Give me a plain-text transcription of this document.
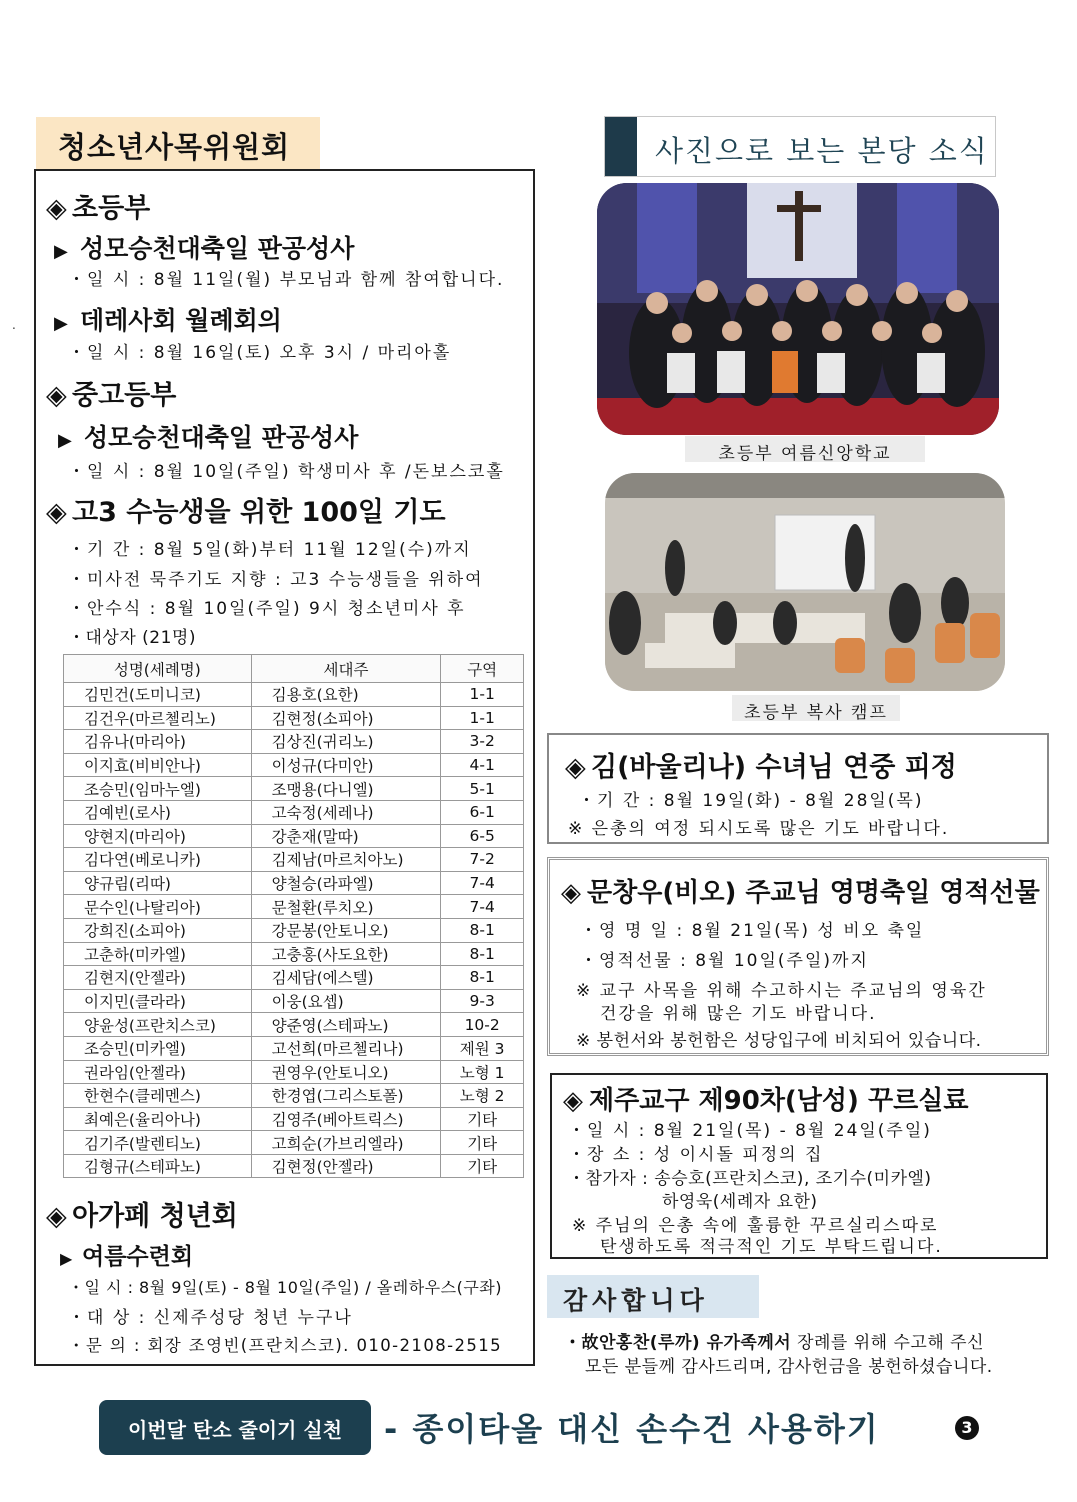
.
청소년사목위원회
◈ 초등부
▶ 성모승천대축일 판공성사
・일 시 : 8월 11일(월) 부모님과 함께 참여합니다.
▶ 데레사회 월례회의
・일 시 : 8월 16일(토) 오후 3시 / 마리아홀
◈ 중고등부
▶ 성모승천대축일 판공성사
・일 시 : 8월 10일(주일) 학생미사 후 /돈보스코홀
◈ 고3 수능생을 위한 100일 기도
・기 간 : 8월 5일(화)부터 11월 12일(수)까지
・미사전 묵주기도 지향 : 고3 수능생들을 위하여
・안수식 : 8월 10일(주일) 9시 청소년미사 후
・대상자 (21명)
성명(세례명)	세대주	구역
김민건(도미니코)	김용호(요한)	1-1
김건우(마르첼리노)	김현정(소피아)	1-1
김유나(마리아)	김상진(귀리노)	3-2
이지효(비비안나)	이성규(다미안)	4-1
조승민(임마누엘)	조맹용(다니엘)	5-1
김예빈(로사)	고숙정(세레나)	6-1
양현지(마리아)	강춘재(말따)	6-5
김다연(베로니카)	김제남(마르치아노)	7-2
양규림(리따)	양철승(라파엘)	7-4
문수인(나탈리아)	문철환(루치오)	7-4
강희진(소피아)	강문봉(안토니오)	8-1
고춘하(미카엘)	고충홍(사도요한)	8-1
김현지(안젤라)	김세담(에스텔)	8-1
이지민(클라라)	이웅(요셉)	9-3
양윤성(프란치스코)	양준영(스테파노)	10-2
조승민(미카엘)	고선희(마르첼리나)	제원 3
권라임(안젤라)	권영우(안토니오)	노형 1
한현수(클레멘스)	한경엽(그리스토폴)	노형 2
최예은(율리아나)	김영주(베아트릭스)	기타
김기주(발렌티노)	고희순(가브리엘라)	기타
김형규(스테파노)	김현정(안젤라)	기타
◈ 아가페 청년회
▶ 여름수련회
・일 시 : 8월 9일(토) - 8월 10일(주일) / 올레하우스(구좌)
・대 상 : 신제주성당 청년 누구나
・문 의 : 회장 조영빈(프란치스코). 010-2108-2515
사진으로 보는 본당 소식
초등부 여름신앙학교
초등부 복사 캠프
◈ 김(바울리나) 수녀님 연중 피정
・기 간 : 8월 19일(화) - 8월 28일(목)
※ 은총의 여정 되시도록 많은 기도 바랍니다.
◈ 문창우(비오) 주교님 영명축일 영적선물
・영 명 일 : 8월 21일(목) 성 비오 축일
・영적선물 : 8월 10일(주일)까지
※ 교구 사목을 위해 수고하시는 주교님의 영육간
건강을 위해 많은 기도 바랍니다.
※ 봉헌서와 봉헌함은 성당입구에 비치되어 있습니다.
◈ 제주교구 제90차(남성) 꾸르실료
・일 시 : 8월 21일(목) - 8월 24일(주일)
・장 소 : 성 이시돌 피정의 집
・참가자 : 송승호(프란치스코), 조기수(미카엘)
하영욱(세례자 요한)
※ 주님의 은총 속에 훌륭한 꾸르실리스따로
탄생하도록 적극적인 기도 부탁드립니다.
감사합니다
・故안홍찬(루까) 유가족께서 장례를 위해 수고해 주신
모든 분들께 감사드리며, 감사헌금을 봉헌하셨습니다.
이번달 탄소 줄이기 실천	- 종이타올 대신 손수건 사용하기	3
